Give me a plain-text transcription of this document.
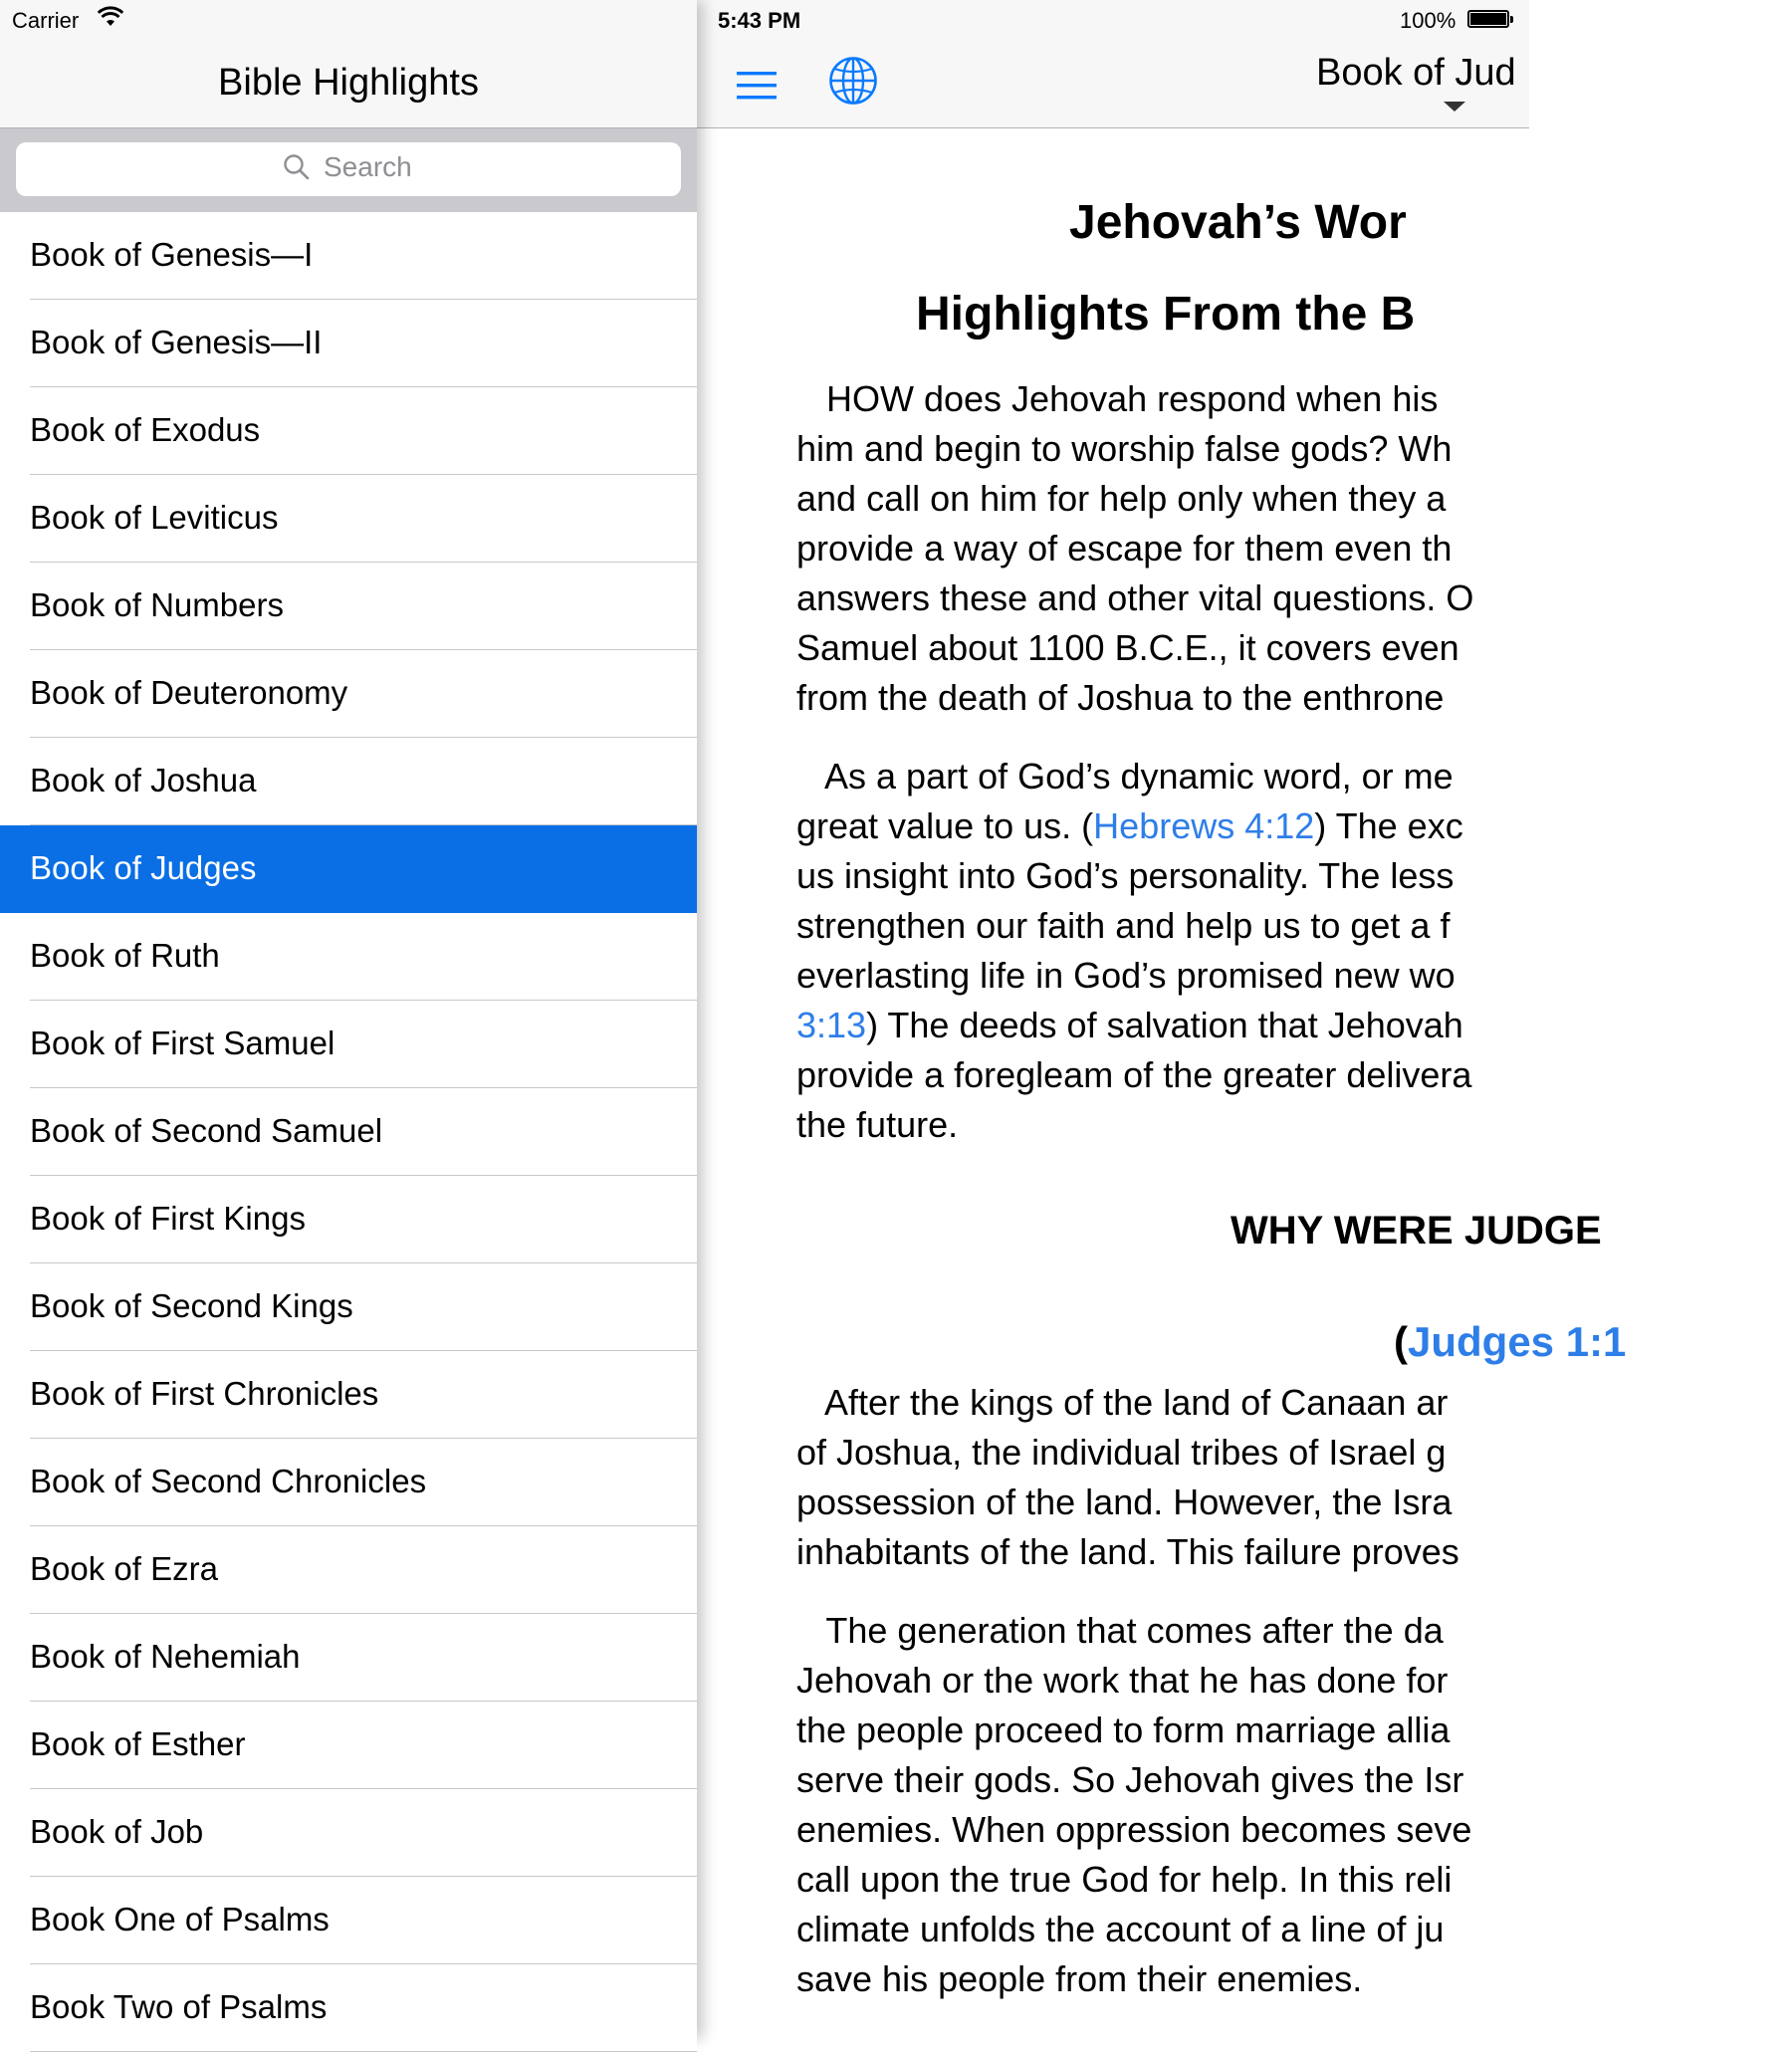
Carrier	5:43 PM	100%
Bible Highlights
Search
Book of Genesis—I
Book of Genesis—II
Book of Exodus
Book of Leviticus
Book of Numbers
Book of Deuteronomy
Book of Joshua
Book of Judges
Book of Ruth
Book of First Samuel
Book of Second Samuel
Book of First Kings
Book of Second Kings
Book of First Chronicles
Book of Second Chronicles
Book of Ezra
Book of Nehemiah
Book of Esther
Book of Job
Book One of Psalms
Book Two of Psalms
Book of Jud
Jehovah’s Wor
Highlights From the B
HOW does Jehovah respond when his
him and begin to worship false gods? Wh
and call on him for help only when they a
provide a way of escape for them even th
answers these and other vital questions. O
Samuel about 1100 B.C.E., it covers even
from the death of Joshua to the enthrone
As a part of God’s dynamic word, or me
great value to us. (Hebrews 4:12) The exc
us insight into God’s personality. The less
strengthen our faith and help us to get a f
everlasting life in God’s promised new wo
3:13) The deeds of salvation that Jehovah
provide a foregleam of the greater delivera
the future.
WHY WERE JUDGE
(Judges 1:1
After the kings of the land of Canaan ar
of Joshua, the individual tribes of Israel g
possession of the land. However, the Isra
inhabitants of the land. This failure proves
The generation that comes after the da
Jehovah or the work that he has done for
the people proceed to form marriage allia
serve their gods. So Jehovah gives the Isr
enemies. When oppression becomes seve
call upon the true God for help. In this reli
climate unfolds the account of a line of ju
save his people from their enemies.
